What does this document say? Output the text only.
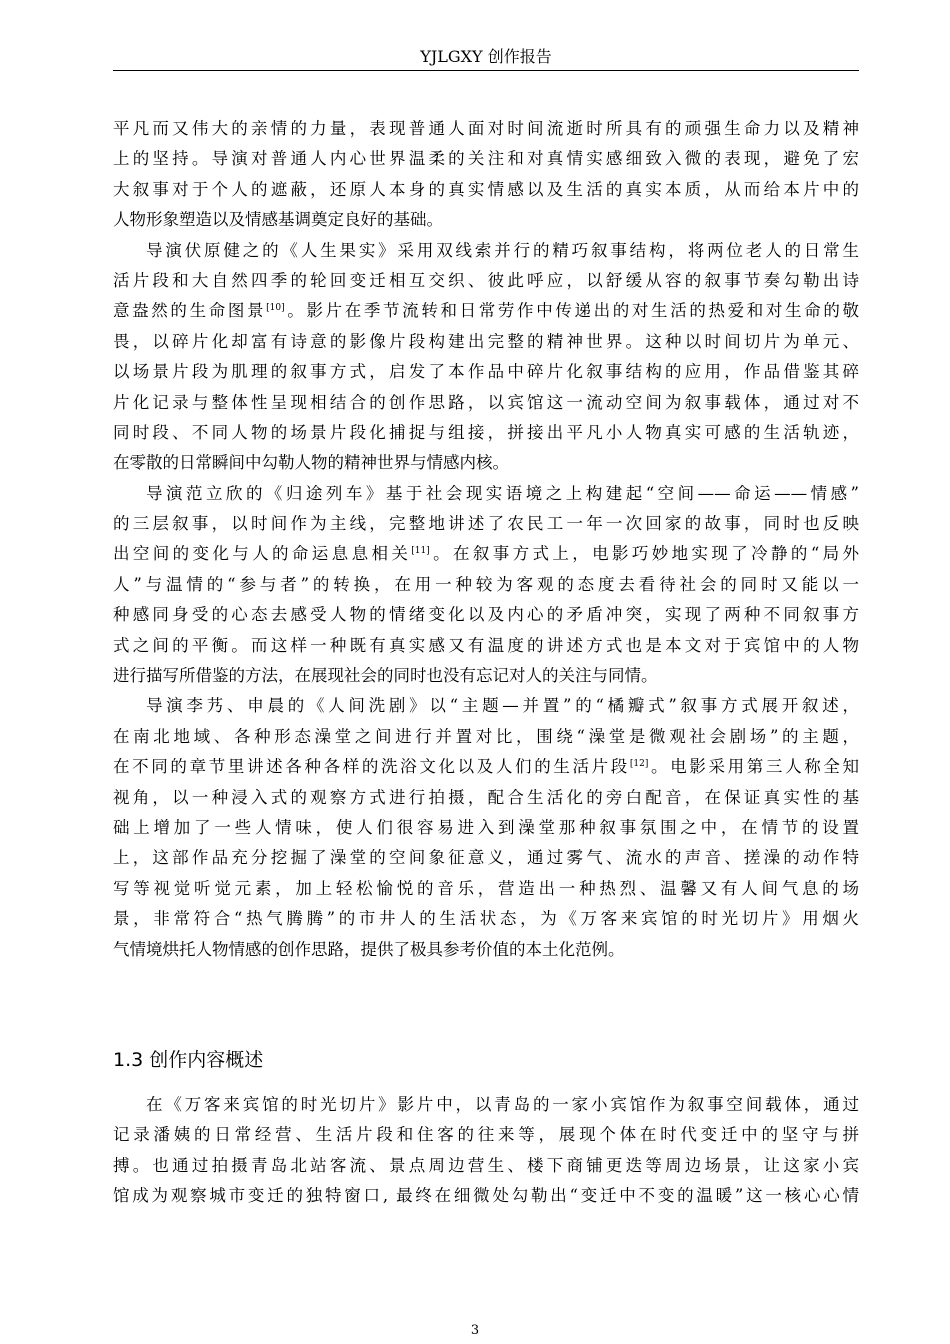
YJLGXY 创作报告
平凡而又伟大的亲情的力量，表现普通人面对时间流逝时所具有的顽强生命力以及精神
上的坚持。导演对普通人内心世界温柔的关注和对真情实感细致入微的表现，避免了宏
大叙事对于个人的遮蔽，还原人本身的真实情感以及生活的真实本质，从而给本片中的
人物形象塑造以及情感基调奠定良好的基础。
导演伏原健之的《人生果实》采用双线索并行的精巧叙事结构，将两位老人的日常生
活片段和大自然四季的轮回变迁相互交织、彼此呼应，以舒缓从容的叙事节奏勾勒出诗
意盎然的生命图景[10]。影片在季节流转和日常劳作中传递出的对生活的热爱和对生命的敬
畏，以碎片化却富有诗意的影像片段构建出完整的精神世界。这种以时间切片为单元、
以场景片段为肌理的叙事方式，启发了本作品中碎片化叙事结构的应用，作品借鉴其碎
片化记录与整体性呈现相结合的创作思路，以宾馆这一流动空间为叙事载体，通过对不
同时段、不同人物的场景片段化捕捉与组接，拼接出平凡小人物真实可感的生活轨迹，
在零散的日常瞬间中勾勒人物的精神世界与情感内核。
导演范立欣的《归途列车》基于社会现实语境之上构建起“空间——命运——情感”
的三层叙事，以时间作为主线，完整地讲述了农民工一年一次回家的故事，同时也反映
出空间的变化与人的命运息息相关[11]。在叙事方式上，电影巧妙地实现了冷静的“局外
人”与温情的“参与者”的转换，在用一种较为客观的态度去看待社会的同时又能以一
种感同身受的心态去感受人物的情绪变化以及内心的矛盾冲突，实现了两种不同叙事方
式之间的平衡。而这样一种既有真实感又有温度的讲述方式也是本文对于宾馆中的人物
进行描写所借鉴的方法，在展现社会的同时也没有忘记对人的关注与同情。
导演李艿、申晨的《人间洗剧》以“主题—并置”的“橘瓣式”叙事方式展开叙述，
在南北地域、各种形态澡堂之间进行并置对比，围绕“澡堂是微观社会剧场”的主题，
在不同的章节里讲述各种各样的洗浴文化以及人们的生活片段[12]。电影采用第三人称全知
视角，以一种浸入式的观察方式进行拍摄，配合生活化的旁白配音，在保证真实性的基
础上增加了一些人情味，使人们很容易进入到澡堂那种叙事氛围之中，在情节的设置
上，这部作品充分挖掘了澡堂的空间象征意义，通过雾气、流水的声音、搓澡的动作特
写等视觉听觉元素，加上轻松愉悦的音乐，营造出一种热烈、温馨又有人间气息的场
景，非常符合“热气腾腾”的市井人的生活状态，为《万客来宾馆的时光切片》用烟火
气情境烘托人物情感的创作思路，提供了极具参考价值的本土化范例。
1.3 创作内容概述
在《万客来宾馆的时光切片》影片中，以青岛的一家小宾馆作为叙事空间载体，通过
记录潘姨的日常经营、生活片段和住客的往来等，展现个体在时代变迁中的坚守与拼
搏。也通过拍摄青岛北站客流、景点周边营生、楼下商铺更迭等周边场景，让这家小宾
馆成为观察城市变迁的独特窗口, 最终在细微处勾勒出“变迁中不变的温暖”这一核心心情
3
